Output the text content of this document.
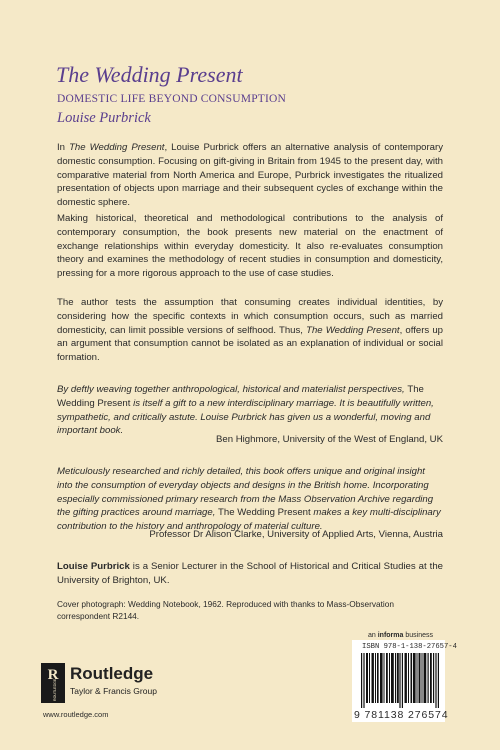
The Wedding Present
DOMESTIC LIFE BEYOND CONSUMPTION
Louise Purbrick

In The Wedding Present, Louise Purbrick offers an alternative analysis of contemporary domestic consumption. Focusing on gift-giving in Britain from 1945 to the present day, with comparative material from North America and Europe, Purbrick investigates the ritualized presentation of objects upon marriage and their subsequent cycles of exchange within the domestic sphere.

Making historical, theoretical and methodological contributions to the analysis of contemporary consumption, the book presents new material on the enactment of exchange relationships within everyday domesticity. It also re-evaluates consumption theory and examines the methodology of recent studies in consumption and domesticity, pressing for a more rigorous approach to the use of case studies.

The author tests the assumption that consuming creates individual identities, by considering how the specific contexts in which consumption occurs, such as married domesticity, can limit possible versions of selfhood. Thus, The Wedding Present, offers up an argument that consumption cannot be isolated as an explanation of individual or social formation.

By deftly weaving together anthropological, historical and materialist perspectives, The Wedding Present is itself a gift to a new interdisciplinary marriage. It is beautifully written, sympathetic, and critically astute. Louise Purbrick has given us a wonderful, moving and important book.

Ben Highmore, University of the West of England, UK

Meticulously researched and richly detailed, this book offers unique and original insight into the consumption of everyday objects and designs in the British home. Incorporating especially commissioned primary research from the Mass Observation Archive regarding the gifting practices around marriage, The Wedding Present makes a key multi-disciplinary contribution to the history and anthropology of material culture.

Professor Dr Alison Clarke, University of Applied Arts, Vienna, Austria

Louise Purbrick is a Senior Lecturer in the School of Historical and Critical Studies at the University of Brighton, UK.

Cover photograph: Wedding Notebook, 1962. Reproduced with thanks to Mass-Observation correspondent R2144.
an informa business
ISBN 978-1-138-27657-4
9 781138 276574
R
ROUTLEDGE
Routledge
Taylor & Francis Group
www.routledge.com
